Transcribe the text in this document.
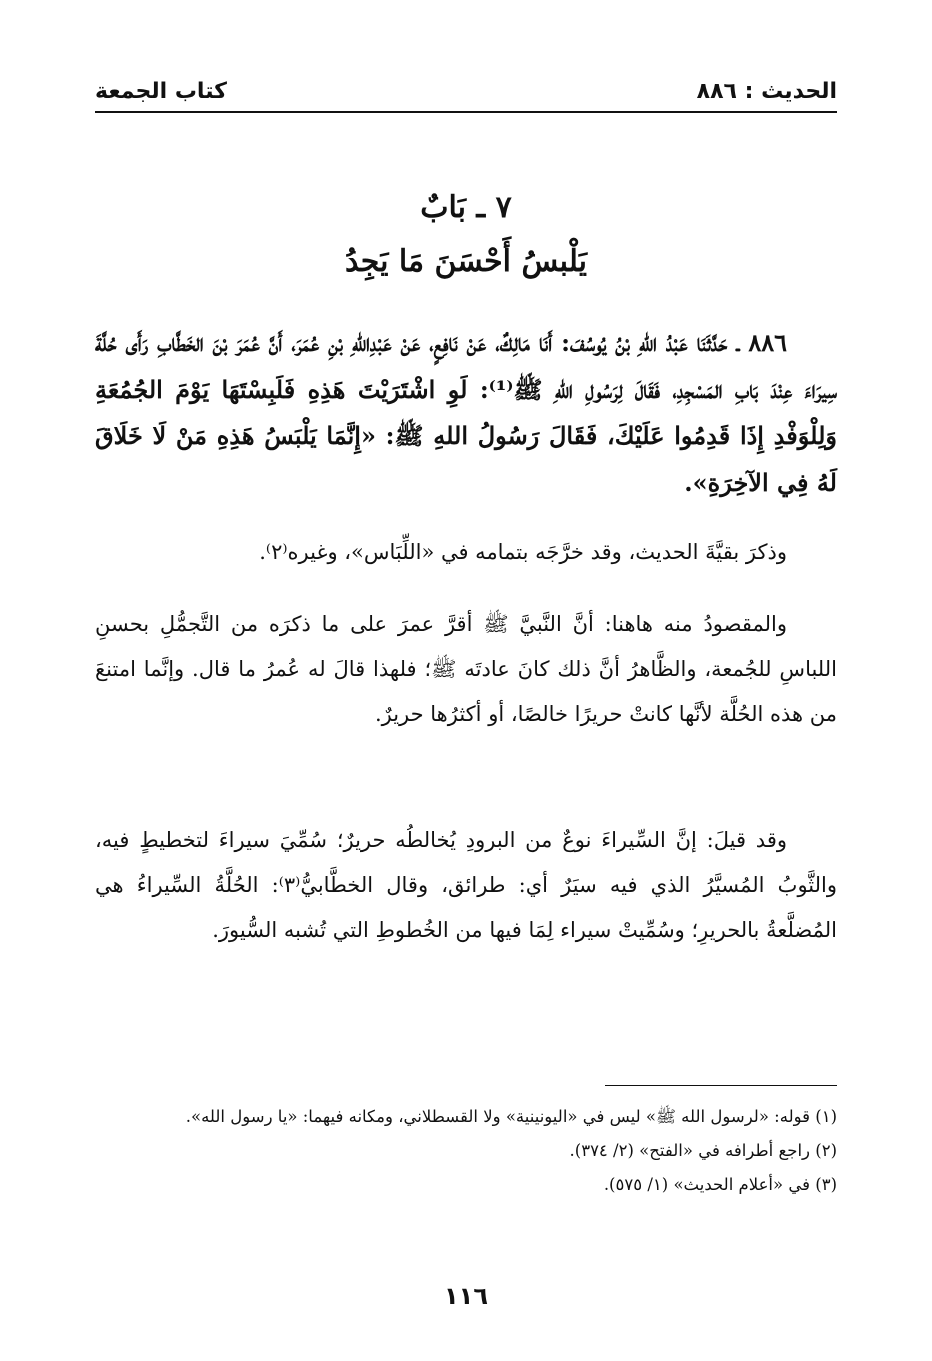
الحديث : ٨٨٦
كتاب الجمعة
٧ ـ بَابٌ
يَلْبسُ أَحْسَنَ مَا يَجِدُ

٨٨٦ ـ حَدَّثَنَا عَبْدُ اللهِ بْنُ يُوسُفَ: أَنَا مَالِكٌ، عَنْ نَافِعٍ، عَنْ عَبْدِاللهِ بْنِ عُمَرَ، أَنَّ عُمَرَ بْنَ الخَطَّابِ رَأَى حُلَّةَ سِيرَاءَ عِنْدَ بَابِ المَسْجِدِ، فَقَالَ لِرَسُولِ اللهِ ﷺ⁽¹⁾: لَوِ اشْتَرَيْتَ هَذِهِ فَلَبِسْتَهَا يَوْمَ الجُمُعَةِ وَلِلْوَفْدِ إِذَا قَدِمُوا عَلَيْكَ، فَقَالَ رَسُولُ اللهِ ﷺ: «إِنَّمَا يَلْبَسُ هَذِهِ مَنْ لَا خَلَاقَ لَهُ فِي الآخِرَةِ».

وذكرَ بقيَّةَ الحديث، وقد خرَّجَه بتمامه في «اللِّبَاس»، وغيره⁽٢⁾.

والمقصودُ منه هاهنا: أنَّ النَّبيَّ ﷺ أقرَّ عمرَ على ما ذكرَه من التَّجمُّلِ بحسنِ اللباسِ للجُمعة، والظَّاهرُ أنَّ ذلك كانَ عادتَه ﷺ؛ فلهذا قالَ له عُمرُ ما قال. وإنَّما امتنعَ من هذه الحُلَّة لأنَّها كانتْ حريرًا خالصًا، أو أكثرُها حريرٌ.

وقد قيلَ: إنَّ السِّيراءَ نوعٌ من البرودِ يُخالطُه حريرٌ؛ سُمِّيَ سيراءَ لتخطيطٍ فيه، والثَّوبُ المُسيَّرُ الذي فيه سيَرٌ أي: طرائق، وقال الخطَّابيُّ⁽٣⁾: الحُلَّةُ السِّيراءُ هي المُضلَّعةُ بالحريرِ؛ وسُمِّيتْ سيراء لِمَا فيها من الخُطوطِ التي تُشبه السُّيورَ.

(١) قوله: «لرسول الله ﷺ» ليس في «اليونينية» ولا القسطلاني، ومكانه فيهما: «يا رسول الله».

(٢) راجع أطرافه في «الفتح» (٢/ ٣٧٤).

(٣) في «أعلام الحديث» (١/ ٥٧٥).

١١٦
